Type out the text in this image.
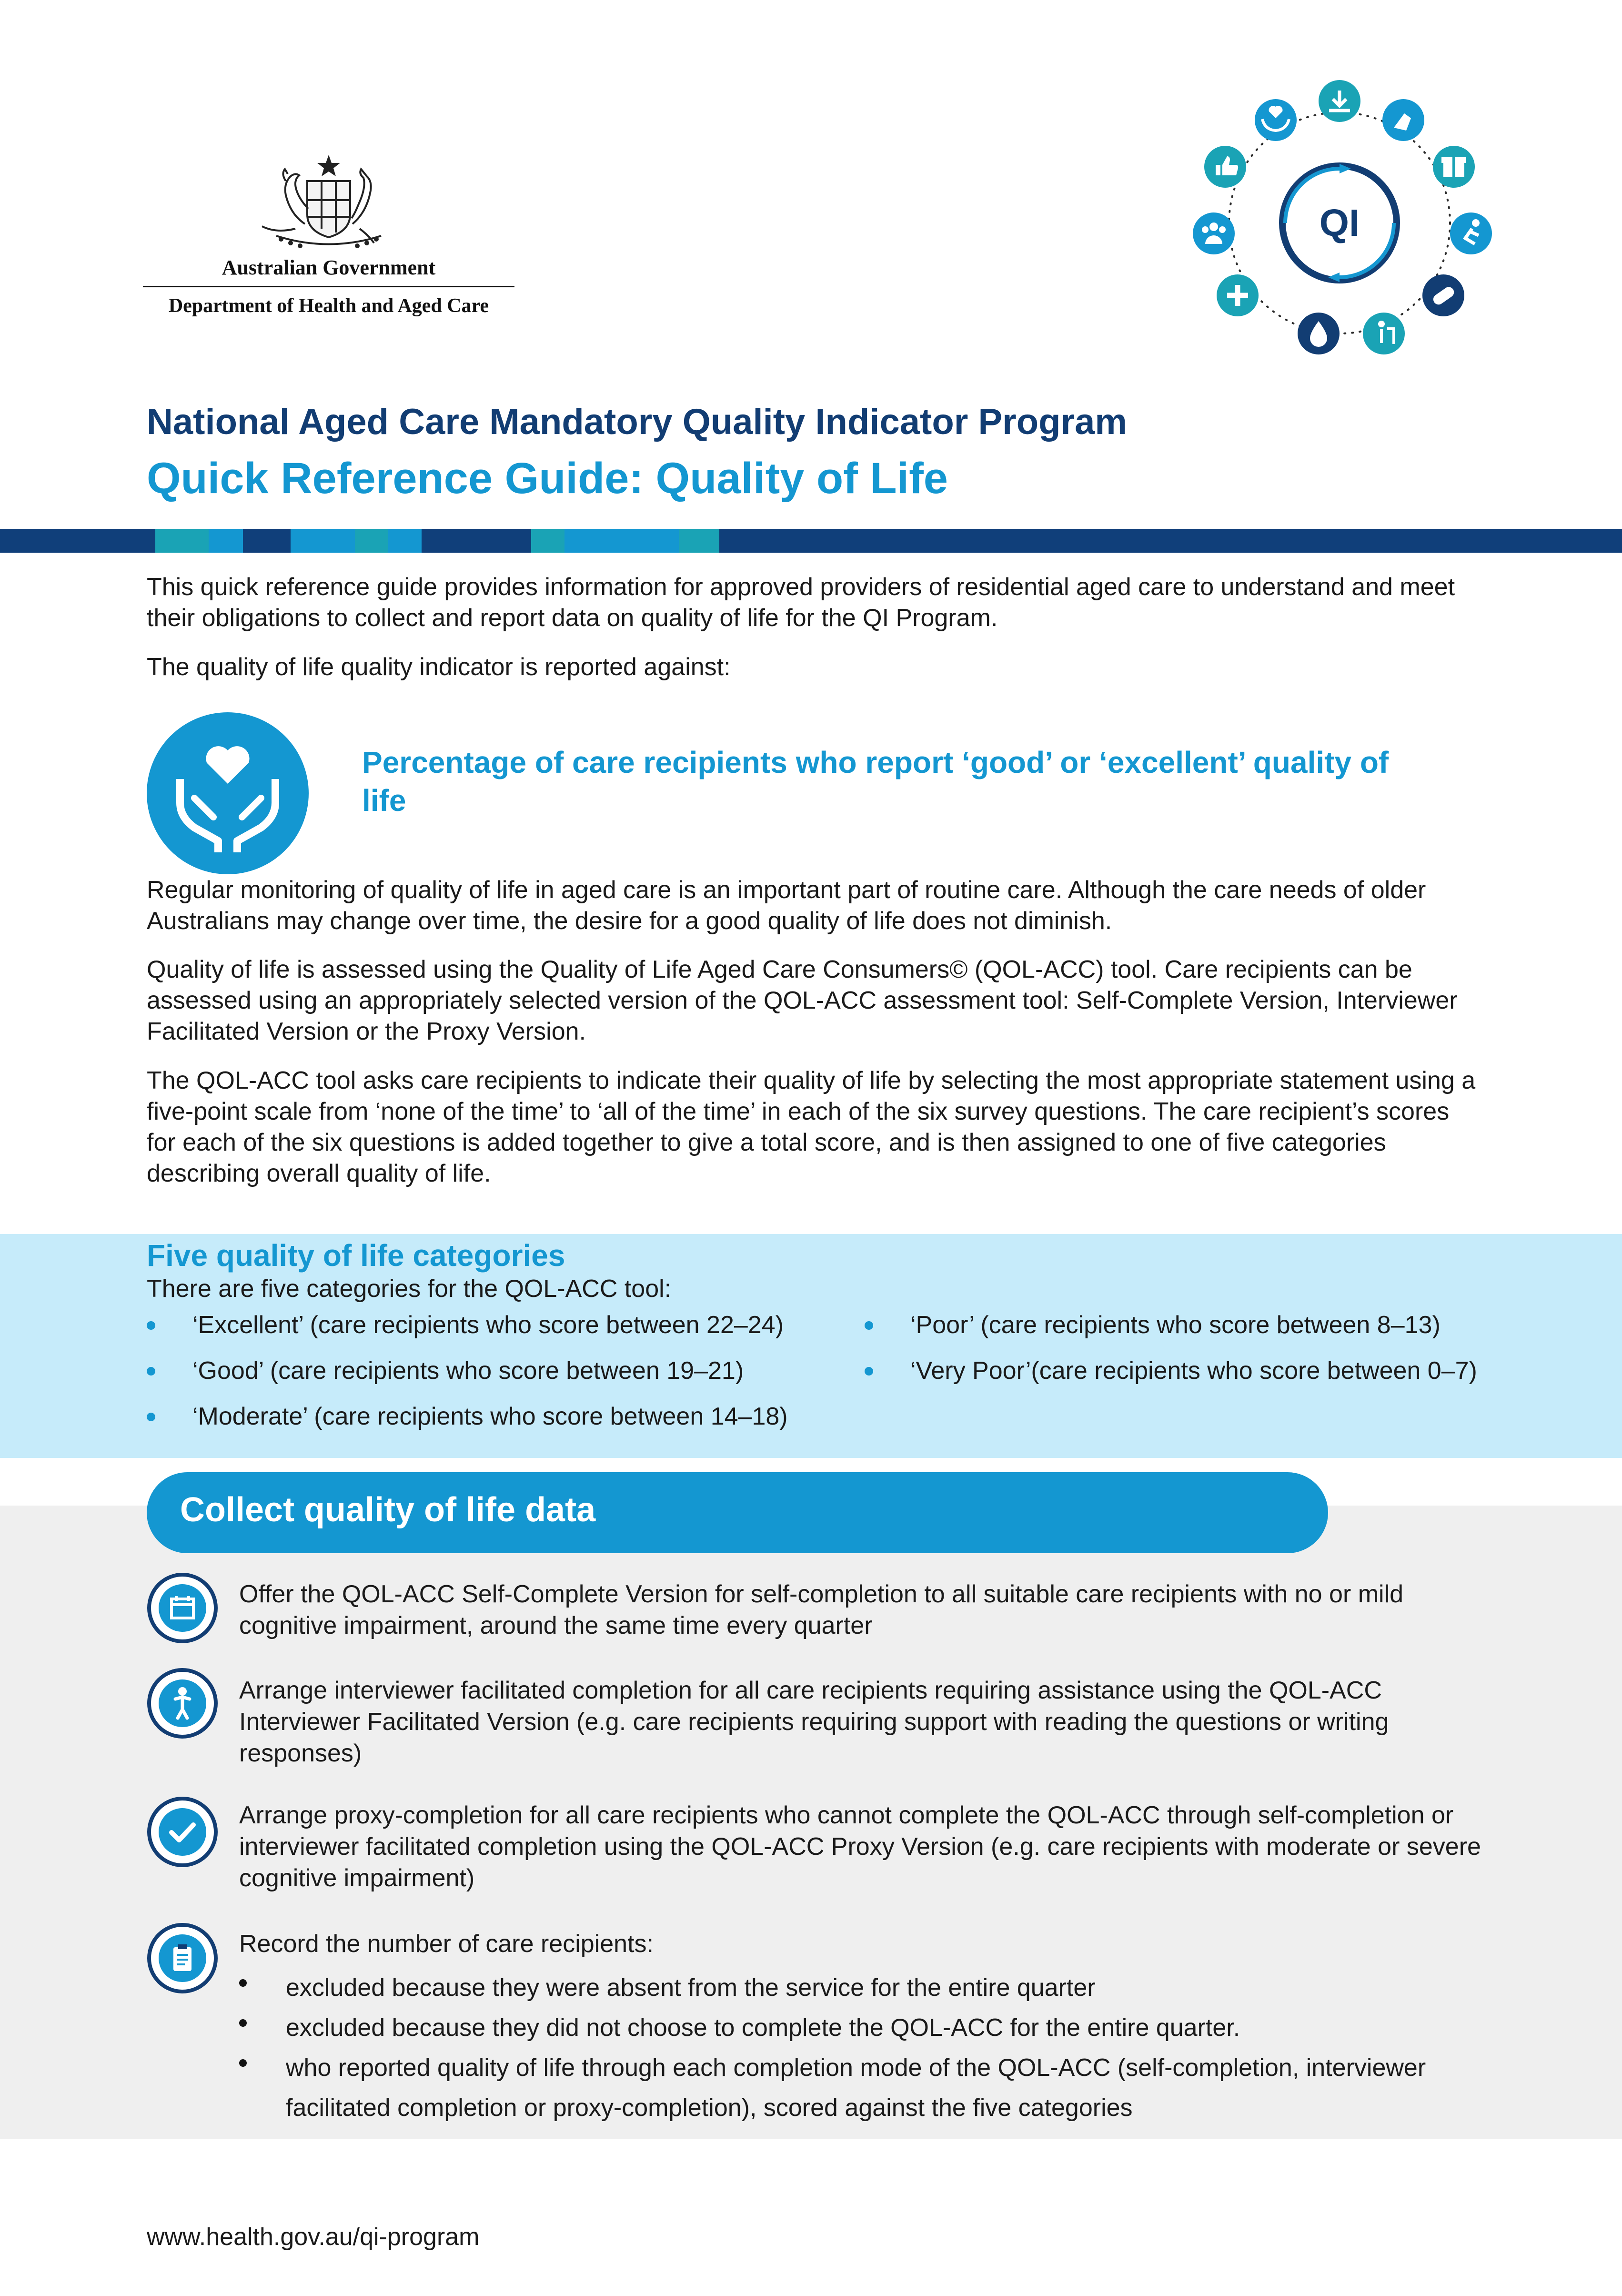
Australian Government
Department of Health and Aged Care
QI
National Aged Care Mandatory Quality Indicator Program
Quick Reference Guide: Quality of Life
This quick reference guide provides information for approved providers of residential aged care to understand and meet their obligations to collect and report data on quality of life for the QI Program.
The quality of life quality indicator is reported against:
Percentage of care recipients who report ‘good’ or ‘excellent’ quality of life
Regular monitoring of quality of life in aged care is an important part of routine care. Although the care needs of older Australians may change over time, the desire for a good quality of life does not diminish.
Quality of life is assessed using the Quality of Life Aged Care Consumers© (QOL-ACC) tool. Care recipients can be assessed using an appropriately selected version of the QOL-ACC assessment tool: Self-Complete Version, Interviewer Facilitated Version or the Proxy Version.
The QOL-ACC tool asks care recipients to indicate their quality of life by selecting the most appropriate statement using a five-point scale from ‘none of the time’ to ‘all of the time’ in each of the six survey questions. The care recipient’s scores for each of the six questions is added together to give a total score, and is then assigned to one of five categories describing overall quality of life.
Five quality of life categories
There are five categories for the QOL-ACC tool:
‘Excellent’ (care recipients who score between 22–24)
‘Good’ (care recipients who score between 19–21)
‘Moderate’ (care recipients who score between 14–18)
‘Poor’ (care recipients who score between 8–13)
‘Very Poor’(care recipients who score between 0–7)
Collect quality of life data
Offer the QOL-ACC Self-Complete Version for self-completion to all suitable care recipients with no or mild cognitive impairment, around the same time every quarter
Arrange interviewer facilitated completion for all care recipients requiring assistance using the QOL-ACC Interviewer Facilitated Version (e.g. care recipients requiring support with reading the questions or writing responses)
Arrange proxy-completion for all care recipients who cannot complete the QOL-ACC through self-completion or interviewer facilitated completion using the QOL-ACC Proxy Version (e.g. care recipients with moderate or severe cognitive impairment)
Record the number of care recipients:
excluded because they were absent from the service for the entire quarter
excluded because they did not choose to complete the QOL-ACC for the entire quarter.
who reported quality of life through each completion mode of the QOL-ACC (self-completion, interviewer facilitated completion or proxy-completion), scored against the five categories
www.health.gov.au/qi-program
